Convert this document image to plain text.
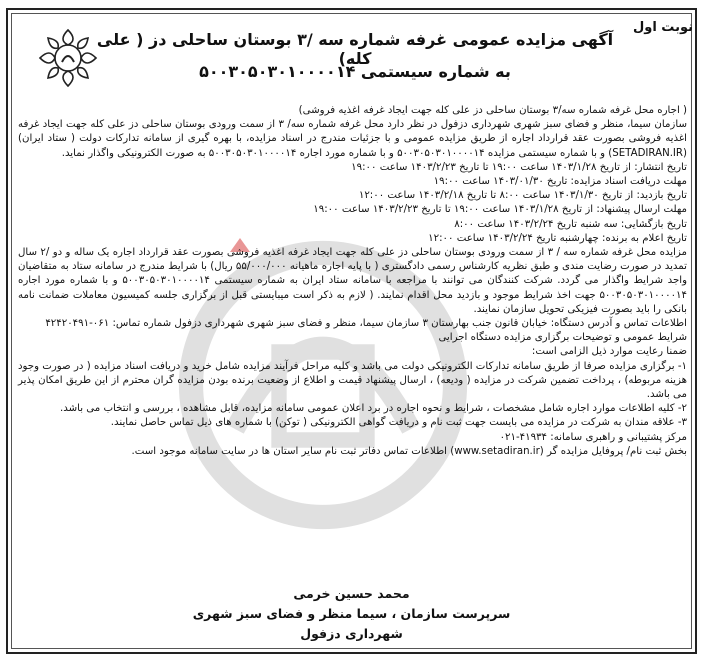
نوبت اول
آگهی مزایده عمومی غرفه شماره سه /۳ بوستان ساحلی دز ( علی کله)
به شماره سیستمی ۵۰۰۳۰۵۰۳۰۱۰۰۰۰۱۴

( اجاره محل غرفه شماره سه/۳ بوستان ساحلی دز علی کله جهت ایجاد غرفه اغذیه فروشی)

سازمان سیما، منظر و فضای سبز شهری شهرداری دزفول در نظر دارد محل غرفه شماره سه/ ۳ از سمت ورودی بوستان ساحلی دز علی کله جهت ایجاد غرفه اغذیه فروشی بصورت عقد قرارداد اجاره از طریق مزایده عمومی و با جزئیات مندرج در اسناد مزایده، با بهره گیری از سامانه تدارکات دولت ( ستاد ایران) (SETADIRAN.IR) و با شماره سیستمی مزایده ۵۰۰۳۰۵۰۳۰۱۰۰۰۰۱۴ و با شماره مورد اجاره ۵۰۰۳۰۵۰۳۰۱۰۰۰۰۱۴ به صورت الکترونیکی واگذار نماید.

تاریخ انتشار: از تاریخ ۱۴۰۳/۱/۲۸ ساعت ۱۹:۰۰ تا تاریخ ۱۴۰۳/۲/۲۳ ساعت ۱۹:۰۰

مهلت دریافت اسناد مزایده: تاریخ ۱۴۰۳/۰۱/۳۰ ساعت ۱۹:۰۰

تاریخ بازدید: از تاریخ ۱۴۰۳/۱/۳۰ ساعت ۸:۰۰ تا تاریخ ۱۴۰۳/۲/۱۸ ساعت ۱۲:۰۰

مهلت ارسال پیشنهاد: از تاریخ ۱۴۰۳/۱/۲۸ ساعت ۱۹:۰۰ تا تاریخ ۱۴۰۳/۲/۲۳ ساعت ۱۹:۰۰

تاریخ بازگشایی: سه شنبه تاریخ ۱۴۰۳/۲/۲۴ ساعت ۸:۰۰

تاریخ اعلام به برنده: چهارشنبه تاریخ ۱۴۰۳/۲/۲۴ ساعت ۱۲:۰۰

مزایده محل غرفه شماره سه / ۳ از سمت ورودی بوستان ساحلی دز علی کله جهت ایجاد غرفه اغذیه فروشی بصورت عقد قرارداد اجاره یک ساله و دو /۲ سال تمدید در صورت رضایت مندی و طبق نظریه کارشناس رسمی دادگستری ( با پایه اجاره ماهیانه ۵۵/۰۰۰/۰۰۰ ریال) با شرایط مندرج در سامانه ستاد به متقاضیان واجد شرایط واگذار می گردد. شرکت کنندگان می توانند با مراجعه با سامانه ستاد ایران به شماره سیستمی ۵۰۰۳۰۵۰۳۰۱۰۰۰۰۱۴ و با شماره مورد اجاره ۵۰۰۳۰۵۰۳۰۱۰۰۰۰۱۴ جهت اخذ شرایط موجود و بازدید محل اقدام نمایند. ( لازم به ذکر است میبایستی قبل از برگزاری جلسه کمیسیون معاملات ضمانت نامه بانکی را باید بصورت فیزیکی تحویل سازمان نمایند.

اطلاعات تماس و آدرس دستگاه: خیابان قانون جنب بهارستان ۳ سازمان سیما، منظر و فضای سبز شهری شهرداری دزفول شماره تماس: ۰۶۱-۴۲۴۲۰۴۹۱

شرایط عمومی و توضیحات برگزاری مزایده دستگاه اجرایی

ضمنا رعایت موارد ذیل الزامی است:

۱- برگزاری مزایده صرفا از طریق سامانه تدارکات الکترونیکی دولت می باشد و کلیه مراحل فرآیند مزایده شامل خرید و دریافت اسناد مزایده ( در صورت وجود هزینه مربوطه) ، پرداخت تضمین شرکت در مزایده ( ودیعه) ، ارسال پیشنهاد قیمت و اطلاع از وضعیت برنده بودن مزایده گران محترم از این طریق امکان پذیر می باشد.

۲- کلیه اطلاعات موارد اجاره شامل مشخصات ، شرایط و نحوه اجاره در برد اعلان عمومی سامانه مزایده، قابل مشاهده ، بررسی و انتخاب می باشد.

۳- علاقه مندان به شرکت در مزایده می بایست جهت ثبت نام و دریافت گواهی الکترونیکی ( توکن) با شماره های ذیل تماس حاصل نمایند.

مرکز پشتیبانی و راهبری سامانه: ۴۱۹۳۴-۰۲۱

بخش ثبت نام/ پروفایل مزایده گر (www.setadiran.ir) اطلاعات تماس دفاتر ثبت نام سایر استان ها در سایت سامانه موجود است.

محمد حسین خرمی
سرپرست سازمان ، سیما منظر و فضای سبز شهری
شهرداری دزفول
